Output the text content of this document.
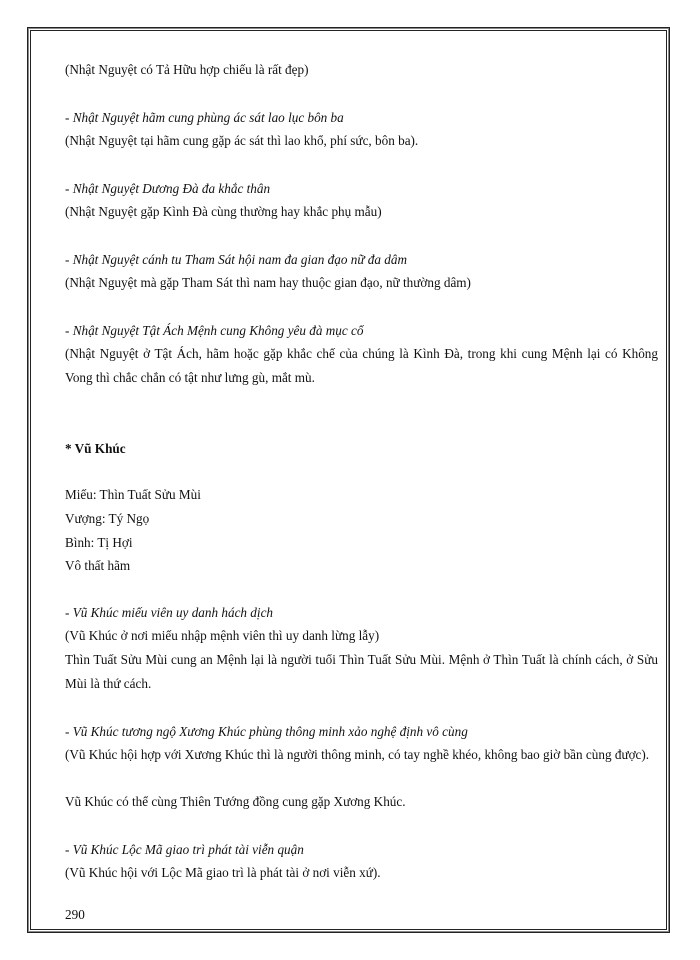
(Nhật Nguyệt có Tả Hữu hợp chiếu là rất đẹp)
- Nhật Nguyệt hãm cung phùng ác sát lao lục bôn ba
(Nhật Nguyệt tại hãm cung gặp ác sát thì lao khổ, phí sức, bôn ba).
- Nhật Nguyệt Dương Đà đa khắc thân
(Nhật Nguyệt gặp Kình Đà cùng thường hay khắc phụ mẫu)
- Nhật Nguyệt cánh tu Tham Sát hội nam đa gian đạo nữ đa dâm
(Nhật Nguyệt mà gặp Tham Sát thì nam hay thuộc gian đạo, nữ thường dâm)
- Nhật Nguyệt Tật Ách Mệnh cung Không yêu đà mục cổ
(Nhật Nguyệt ở Tật Ách, hãm hoặc gặp khắc chế của chúng là Kình Đà, trong khi cung Mệnh lại có Không Vong thì chắc chắn có tật như lưng gù, mắt mù.
* Vũ Khúc
Miếu: Thìn Tuất Sửu Mùi
Vượng: Tý Ngọ
Bình: Tị Hợi
Vô thất hãm
- Vũ Khúc miếu viên uy danh hách dịch
(Vũ Khúc ở nơi miếu nhập mệnh viên thì uy danh lừng lẫy)
Thìn Tuất Sửu Mùi cung an Mệnh lại là người tuổi Thìn Tuất Sửu Mùi. Mệnh ở Thìn Tuất là chính cách, ở Sửu Mùi là thứ cách.
- Vũ Khúc tương ngộ Xương Khúc phùng thông minh xảo nghệ định vô cùng
(Vũ Khúc hội hợp với Xương Khúc thì là người thông minh, có tay nghề khéo, không bao giờ bần cùng được).
Vũ Khúc có thể cùng Thiên Tướng đồng cung gặp Xương Khúc.
- Vũ Khúc Lộc Mã giao trì phát tài viễn quận
(Vũ Khúc hội với Lộc Mã giao trì là phát tài ở nơi viễn xứ).
290
